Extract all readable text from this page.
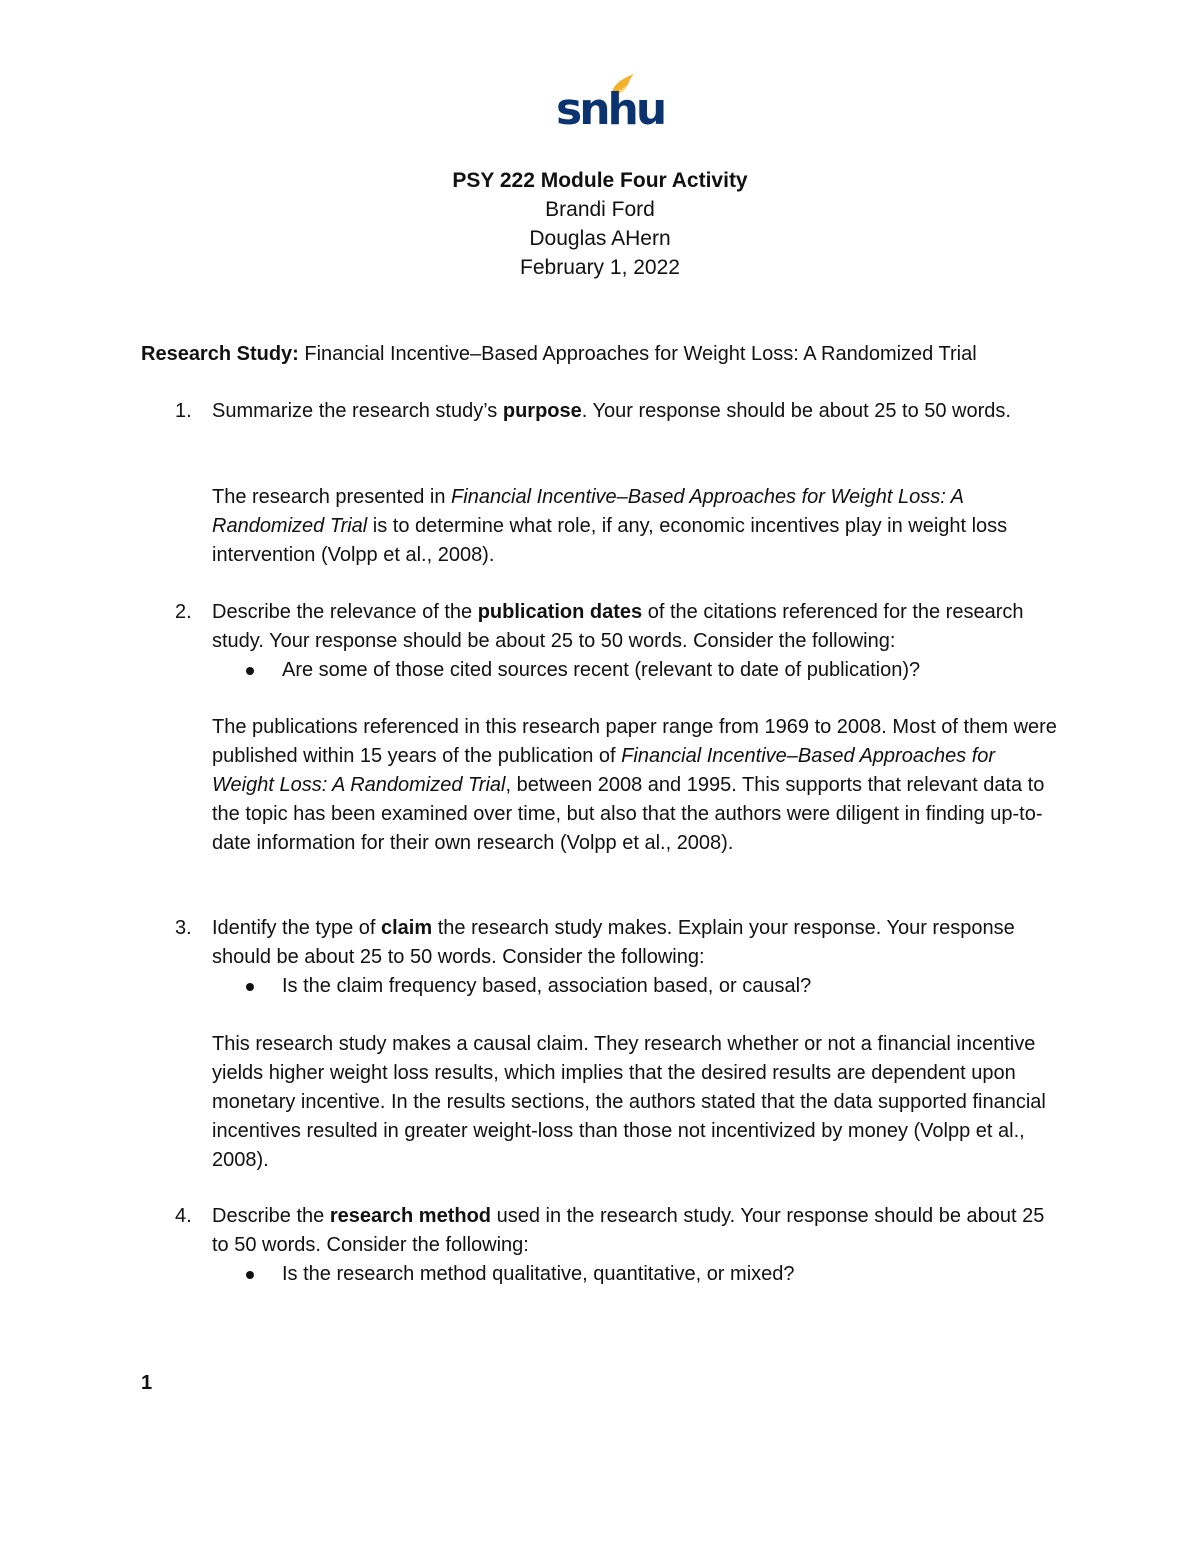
snhu
PSY 222 Module Four Activity
Brandi Ford
Douglas AHern
February 1, 2022
Research Study: Financial Incentive–Based Approaches for Weight Loss: A Randomized Trial
1. Summarize the research study’s purpose. Your response should be about 25 to 50 words.
The research presented in Financial Incentive–Based Approaches for Weight Loss: A Randomized Trial is to determine what role, if any, economic incentives play in weight loss intervention (Volpp et al., 2008).
2. Describe the relevance of the publication dates of the citations referenced for the research study. Your response should be about 25 to 50 words. Consider the following:
Are some of those cited sources recent (relevant to date of publication)?
The publications referenced in this research paper range from 1969 to 2008. Most of them were published within 15 years of the publication of Financial Incentive–Based Approaches for Weight Loss: A Randomized Trial, between 2008 and 1995. This supports that relevant data to the topic has been examined over time, but also that the authors were diligent in finding up-to-date information for their own research (Volpp et al., 2008).
3. Identify the type of claim the research study makes. Explain your response. Your response should be about 25 to 50 words. Consider the following:
Is the claim frequency based, association based, or causal?
This research study makes a causal claim. They research whether or not a financial incentive yields higher weight loss results, which implies that the desired results are dependent upon monetary incentive. In the results sections, the authors stated that the data supported financial incentives resulted in greater weight-loss than those not incentivized by money (Volpp et al., 2008).
4. Describe the research method used in the research study. Your response should be about 25 to 50 words. Consider the following:
Is the research method qualitative, quantitative, or mixed?
1
